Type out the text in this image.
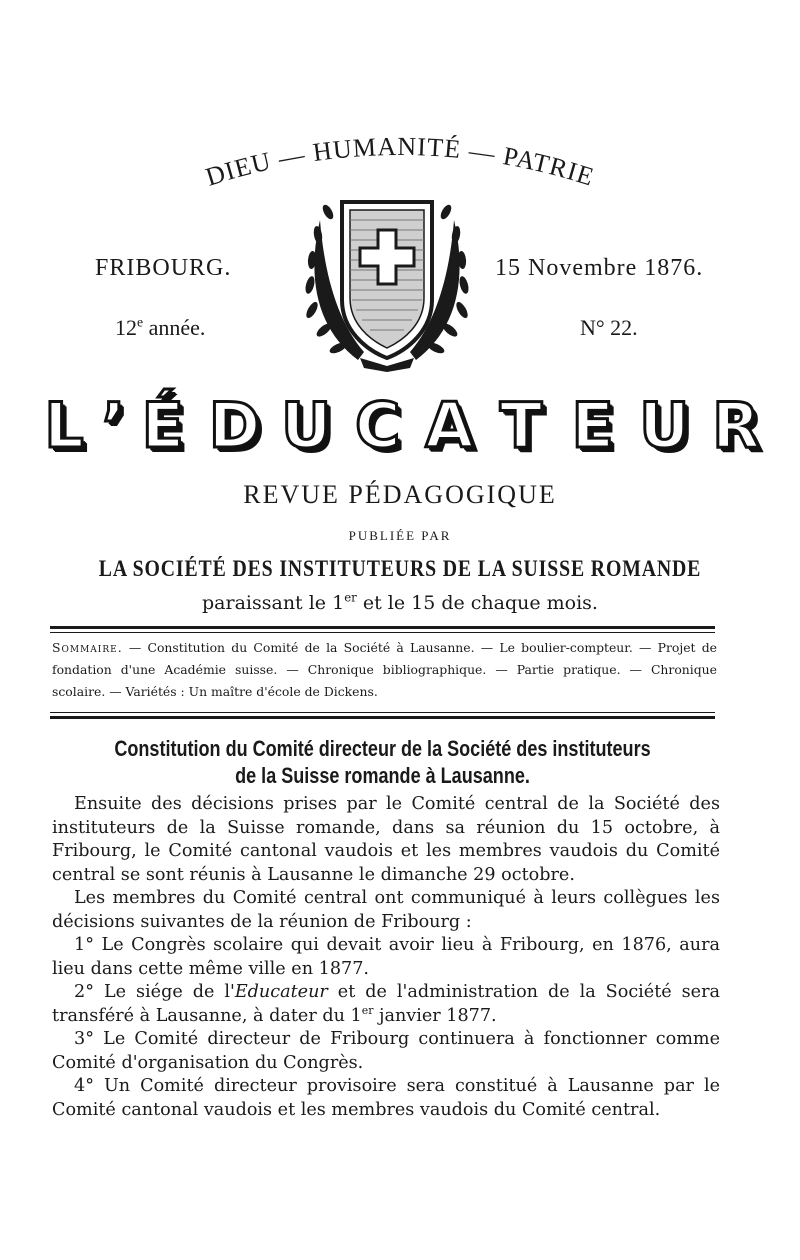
DIEU — HUMANITÉ — PATRIE
FRIBOURG.	15 Novembre 1876.
12e année.	N° 22.
L ’ É D U C A T E U R
REVUE PÉDAGOGIQUE
PUBLIÉE PAR
LA SOCIÉTÉ DES INSTITUTEURS DE LA SUISSE ROMANDE
paraissant le 1er et le 15 de chaque mois.
Sommaire. — Constitution du Comité de la Société à Lausanne. — Le boulier-compteur. — Projet de fondation d'une Académie suisse. — Chronique bibliographique. — Partie pratique. — Chronique scolaire. — Variétés : Un maître d'école de Dickens.
Constitution du Comité directeur de la Société des instituteurs
de la Suisse romande à Lausanne.

Ensuite des décisions prises par le Comité central de la Société des instituteurs de la Suisse romande, dans sa réunion du 15 octobre, à Fribourg, le Comité cantonal vaudois et les membres vaudois du Comité central se sont réunis à Lausanne le dimanche 29 octobre.

Les membres du Comité central ont communiqué à leurs collègues les décisions suivantes de la réunion de Fribourg :

1° Le Congrès scolaire qui devait avoir lieu à Fribourg, en 1876, aura lieu dans cette même ville en 1877.

2° Le siége de l'Educateur et de l'administration de la Société sera transféré à Lausanne, à dater du 1er janvier 1877.

3° Le Comité directeur de Fribourg continuera à fonctionner comme Comité d'organisation du Congrès.

4° Un Comité directeur provisoire sera constitué à Lausanne par le Comité cantonal vaudois et les membres vaudois du Comité central.
